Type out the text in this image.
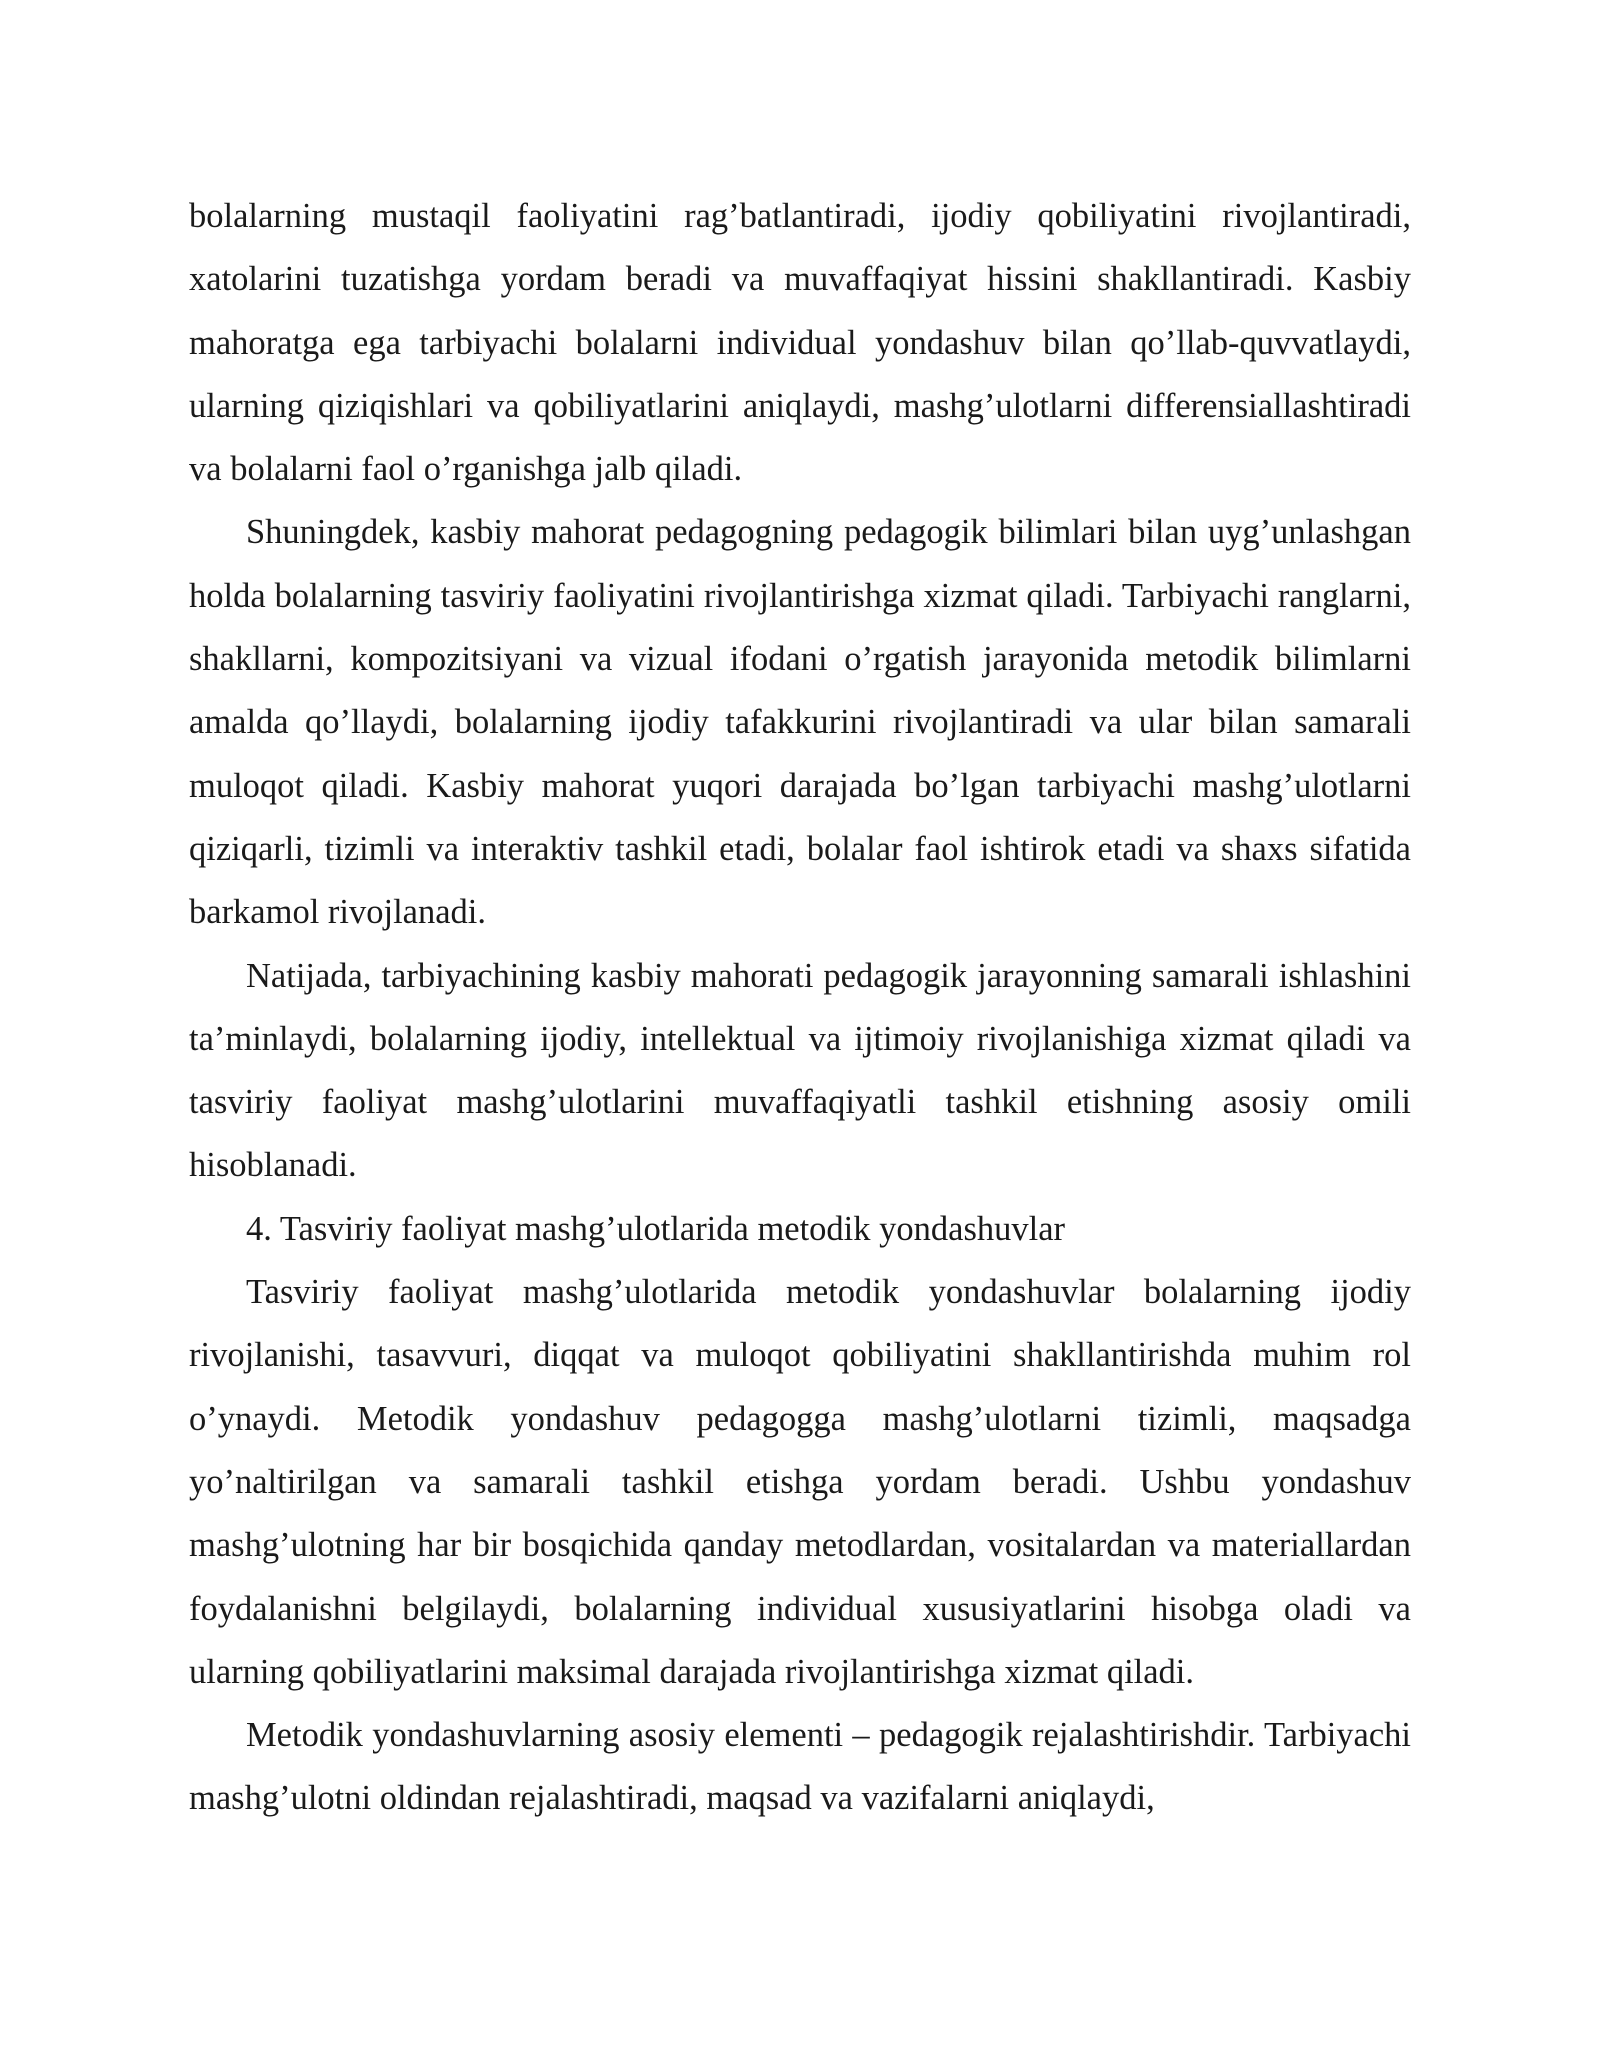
bolalarning mustaqil faoliyatini rag’batlantiradi, ijodiy qobiliyatini rivojlantiradi, xatolarini tuzatishga yordam beradi va muvaffaqiyat hissini shakllantiradi. Kasbiy mahoratga ega tarbiyachi bolalarni individual yondashuv bilan qo’llab-quvvatlaydi, ularning qiziqishlari va qobiliyatlarini aniqlaydi, mashg’ulotlarni differensiallashtiradi va bolalarni faol o’rganishga jalb qiladi.

Shuningdek, kasbiy mahorat pedagogning pedagogik bilimlari bilan uyg’unlashgan holda bolalarning tasviriy faoliyatini rivojlantirishga xizmat qiladi. Tarbiyachi ranglarni, shakllarni, kompozitsiyani va vizual ifodani o’rgatish jarayonida metodik bilimlarni amalda qo’llaydi, bolalarning ijodiy tafakkurini rivojlantiradi va ular bilan samarali muloqot qiladi. Kasbiy mahorat yuqori darajada bo’lgan tarbiyachi mashg’ulotlarni qiziqarli, tizimli va interaktiv tashkil etadi, bolalar faol ishtirok etadi va shaxs sifatida barkamol rivojlanadi.

Natijada, tarbiyachining kasbiy mahorati pedagogik jarayonning samarali ishlashini ta’minlaydi, bolalarning ijodiy, intellektual va ijtimoiy rivojlanishiga xizmat qiladi va tasviriy faoliyat mashg’ulotlarini muvaffaqiyatli tashkil etishning asosiy omili hisoblanadi.

4. Tasviriy faoliyat mashg’ulotlarida metodik yondashuvlar

Tasviriy faoliyat mashg’ulotlarida metodik yondashuvlar bolalarning ijodiy rivojlanishi, tasavvuri, diqqat va muloqot qobiliyatini shakllantirishda muhim rol o’ynaydi. Metodik yondashuv pedagogga mashg’ulotlarni tizimli, maqsadga yo’naltirilgan va samarali tashkil etishga yordam beradi. Ushbu yondashuv mashg’ulotning har bir bosqichida qanday metodlardan, vositalardan va materiallardan foydalanishni belgilaydi, bolalarning individual xususiyatlarini hisobga oladi va ularning qobiliyatlarini maksimal darajada rivojlantirishga xizmat qiladi.

Metodik yondashuvlarning asosiy elementi – pedagogik rejalashtirishdir. Tarbiyachi mashg’ulotni oldindan rejalashtiradi, maqsad va vazifalarni aniqlaydi,
